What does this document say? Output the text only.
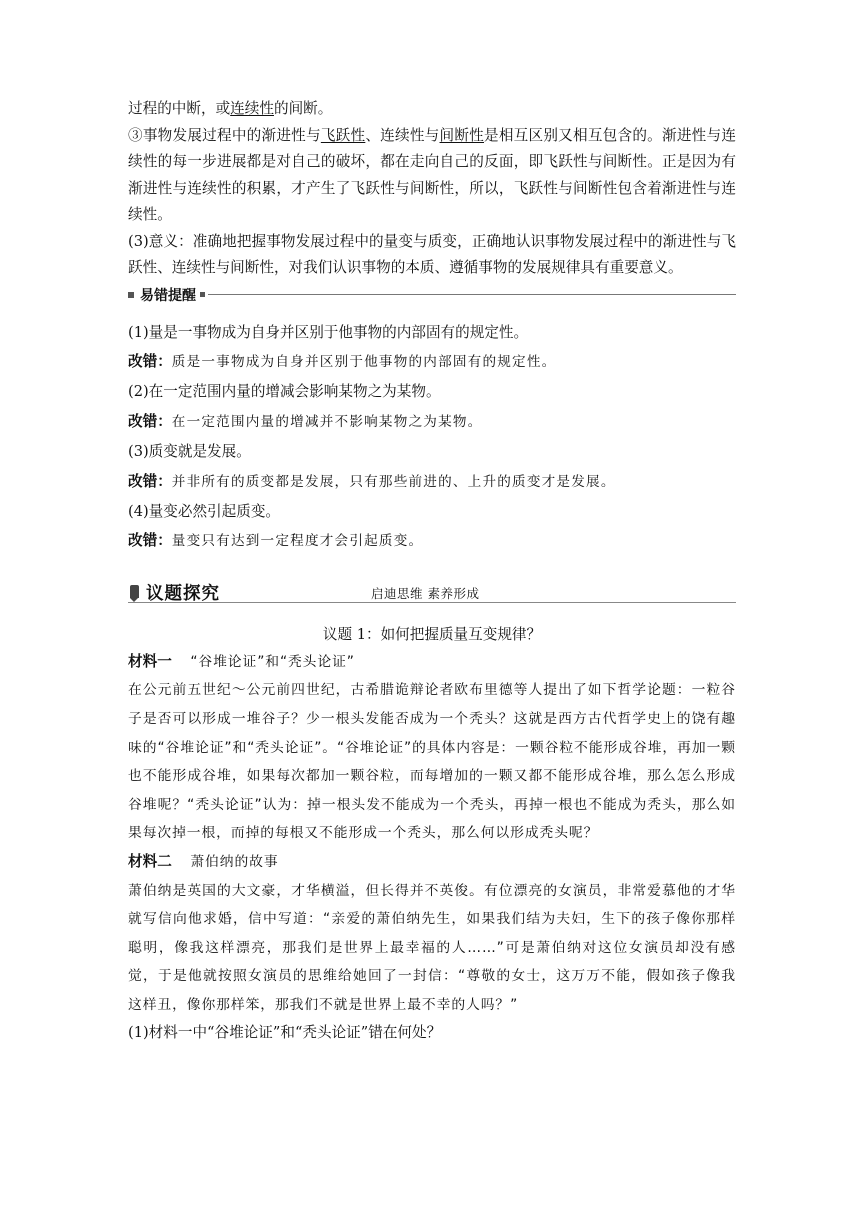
过程的中断，或连续性的间断。

③事物发展过程中的渐进性与飞跃性、连续性与间断性是相互区别又相互包含的。渐进性与连续性的每一步进展都是对自己的破坏，都在走向自己的反面，即飞跃性与间断性。正是因为有渐进性与连续性的积累，才产生了飞跃性与间断性，所以，飞跃性与间断性包含着渐进性与连续性。

(3)意义：准确地把握事物发展过程中的量变与质变，正确地认识事物发展过程中的渐进性与飞跃性、连续性与间断性，对我们认识事物的本质、遵循事物的发展规律具有重要意义。

易错提醒

(1)量是一事物成为自身并区别于他事物的内部固有的规定性。

改错：质是一事物成为自身并区别于他事物的内部固有的规定性。

(2)在一定范围内量的增减会影响某物之为某物。

改错：在一定范围内量的增减并不影响某物之为某物。

(3)质变就是发展。

改错：并非所有的质变都是发展，只有那些前进的、上升的质变才是发展。

(4)量变必然引起质变。

改错：量变只有达到一定程度才会引起质变。

议题探究	启迪思维 素养形成
议题 1：如何把握质量互变规律？

材料一 “谷堆论证”和“秃头论证”

在公元前五世纪～公元前四世纪，古希腊诡辩论者欧布里德等人提出了如下哲学论题：一粒谷子是否可以形成一堆谷子？少一根头发能否成为一个秃头？这就是西方古代哲学史上的饶有趣味的“谷堆论证”和“秃头论证”。“谷堆论证”的具体内容是：一颗谷粒不能形成谷堆，再加一颗也不能形成谷堆，如果每次都加一颗谷粒，而每增加的一颗又都不能形成谷堆，那么怎么形成谷堆呢？“秃头论证”认为：掉一根头发不能成为一个秃头，再掉一根也不能成为秃头，那么如果每次掉一根，而掉的每根又不能形成一个秃头，那么何以形成秃头呢？

材料二 萧伯纳的故事

萧伯纳是英国的大文豪，才华横溢，但长得并不英俊。有位漂亮的女演员，非常爱慕他的才华就写信向他求婚，信中写道：“亲爱的萧伯纳先生，如果我们结为夫妇，生下的孩子像你那样聪明，像我这样漂亮，那我们是世界上最幸福的人……”可是萧伯纳对这位女演员却没有感觉，于是他就按照女演员的思维给她回了一封信：“尊敬的女士，这万万不能，假如孩子像我这样丑，像你那样笨，那我们不就是世界上最不幸的人吗？”

(1)材料一中“谷堆论证”和“秃头论证”错在何处？
